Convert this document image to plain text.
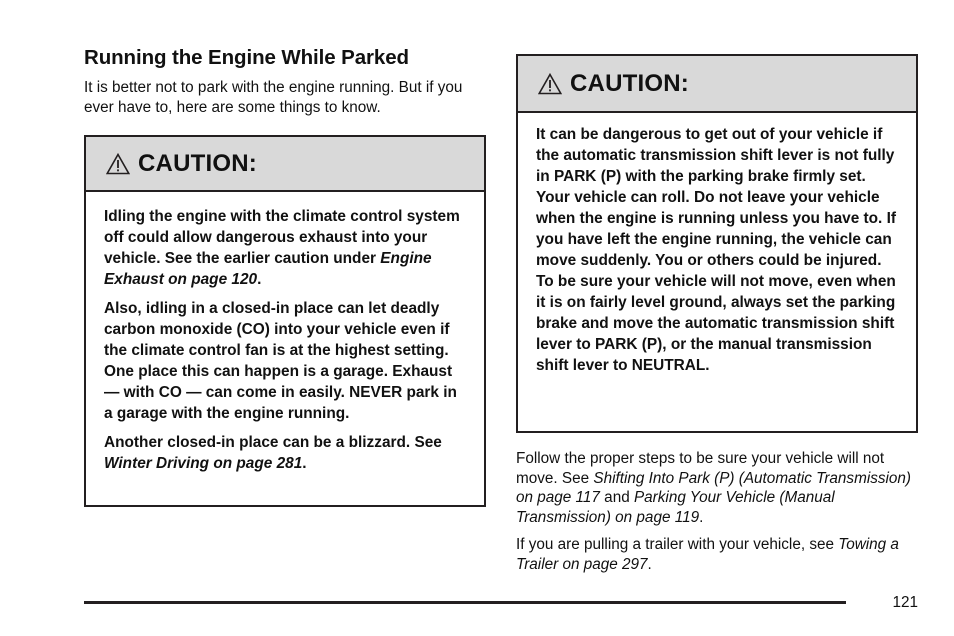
Running the Engine While Parked

It is better not to park with the engine running. But if you ever have to, here are some things to know.

CAUTION:

Idling the engine with the climate control system off could allow dangerous exhaust into your vehicle. See the earlier caution under Engine Exhaust on page 120.

Also, idling in a closed-in place can let deadly carbon monoxide (CO) into your vehicle even if the climate control fan is at the highest setting. One place this can happen is a garage. Exhaust — with CO — can come in easily. NEVER park in a garage with the engine running.

Another closed-in place can be a blizzard. See Winter Driving on page 281.

CAUTION:

It can be dangerous to get out of your vehicle if the automatic transmission shift lever is not fully in PARK (P) with the parking brake firmly set. Your vehicle can roll. Do not leave your vehicle when the engine is running unless you have to. If you have left the engine running, the vehicle can move suddenly. You or others could be injured. To be sure your vehicle will not move, even when it is on fairly level ground, always set the parking brake and move the automatic transmission shift lever to PARK (P), or the manual transmission shift lever to NEUTRAL.

Follow the proper steps to be sure your vehicle will not move. See Shifting Into Park (P) (Automatic Transmission) on page 117 and Parking Your Vehicle (Manual Transmission) on page 119.

If you are pulling a trailer with your vehicle, see Towing a Trailer on page 297.

121
